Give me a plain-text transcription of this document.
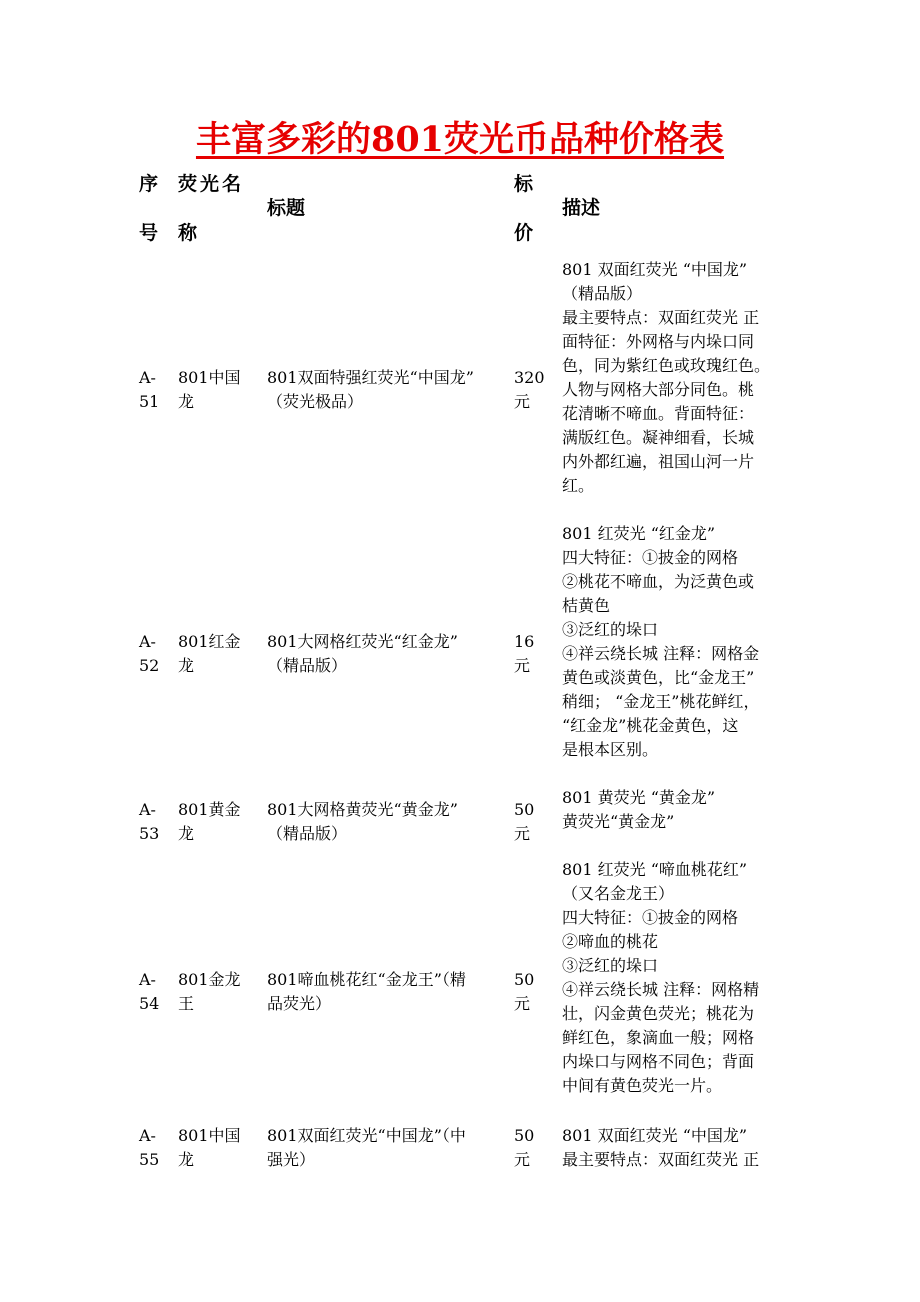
丰富多彩的801荧光币品种价格表
序
号
荧光名
称
标题
标
价
描述
A-
51
801中国
龙
801双面特强红荧光“中国龙”
（荧光极品）
320
元
801 双面红荧光 “中国龙”
（精品版）
最主要特点：双面红荧光 正
面特征：外网格与内垛口同
色，同为紫红色或玫瑰红色。
人物与网格大部分同色。桃
花清晰不啼血。背面特征：
满版红色。凝神细看，长城
内外都红遍，祖国山河一片
红。
A-
52
801红金
龙
801大网格红荧光“红金龙”
（精品版）
16
元
801 红荧光 “红金龙”
四大特征：①披金的网格
②桃花不啼血，为泛黄色或
桔黄色
③泛红的垛口
④祥云绕长城 注释：网格金
黄色或淡黄色，比“金龙王”
稍细； “金龙王”桃花鲜红，
“红金龙”桃花金黄色，这
是根本区别。
A-
53
801黄金
龙
801大网格黄荧光“黄金龙”
（精品版）
50
元
801 黄荧光 “黄金龙”
黄荧光“黄金龙”
A-
54
801金龙
王
801啼血桃花红“金龙王”（精
品荧光）
50
元
801 红荧光 “啼血桃花红”
（又名金龙王）
四大特征：①披金的网格
②啼血的桃花
③泛红的垛口
④祥云绕长城 注释：网格精
壮，闪金黄色荧光；桃花为
鲜红色，象滴血一般；网格
内垛口与网格不同色；背面
中间有黄色荧光一片。
A-
55
801中国
龙
801双面红荧光“中国龙”（中
强光）
50
元
801 双面红荧光 “中国龙”
最主要特点：双面红荧光 正
